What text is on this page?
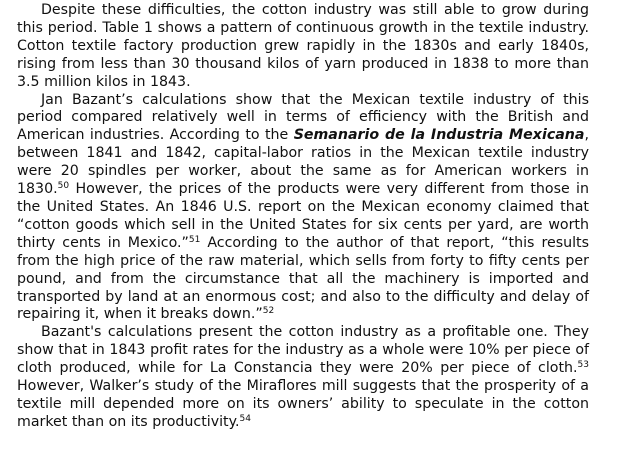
Despite these difficulties, the cotton industry was still able to grow during this period. Table 1 shows a pattern of continuous growth in the textile industry. Cotton textile factory production grew rapidly in the 1830s and early 1840s, rising from less than 30 thousand kilos of yarn produced in 1838 to more than 3.5 million kilos in 1843.

Jan Bazant’s calculations show that the Mexican textile industry of this period compared relatively well in terms of efficiency with the British and American industries. According to the Semanario de la Industria Mexicana, between 1841 and 1842, capital-labor ratios in the Mexican textile industry were 20 spindles per worker, about the same as for American workers in 1830.50 However, the prices of the products were very different from those in the United States. An 1846 U.S. report on the Mexican economy claimed that “cotton goods which sell in the United States for six cents per yard, are worth thirty cents in Mexico.”$^{51}$ According to the author of that report, “this results from the high price of the raw material, which sells from forty to fifty cents per pound, and from the circumstance that all the machinery is imported and transported by land at an enormous cost; and also to the difficulty and delay of repairing it, when it breaks down.”$^{52}$

Bazant's calculations present the cotton industry as a profitable one. They show that in 1843 profit rates for the industry as a whole were 10% per piece of cloth produced, while for La Constancia they were 20% per piece of cloth.$^{53}$ However, Walker’s study of the Miraflores mill suggests that the prosperity of a textile mill depended more on its owners’ ability to speculate in the cotton market than on its productivity.$^{54}$
